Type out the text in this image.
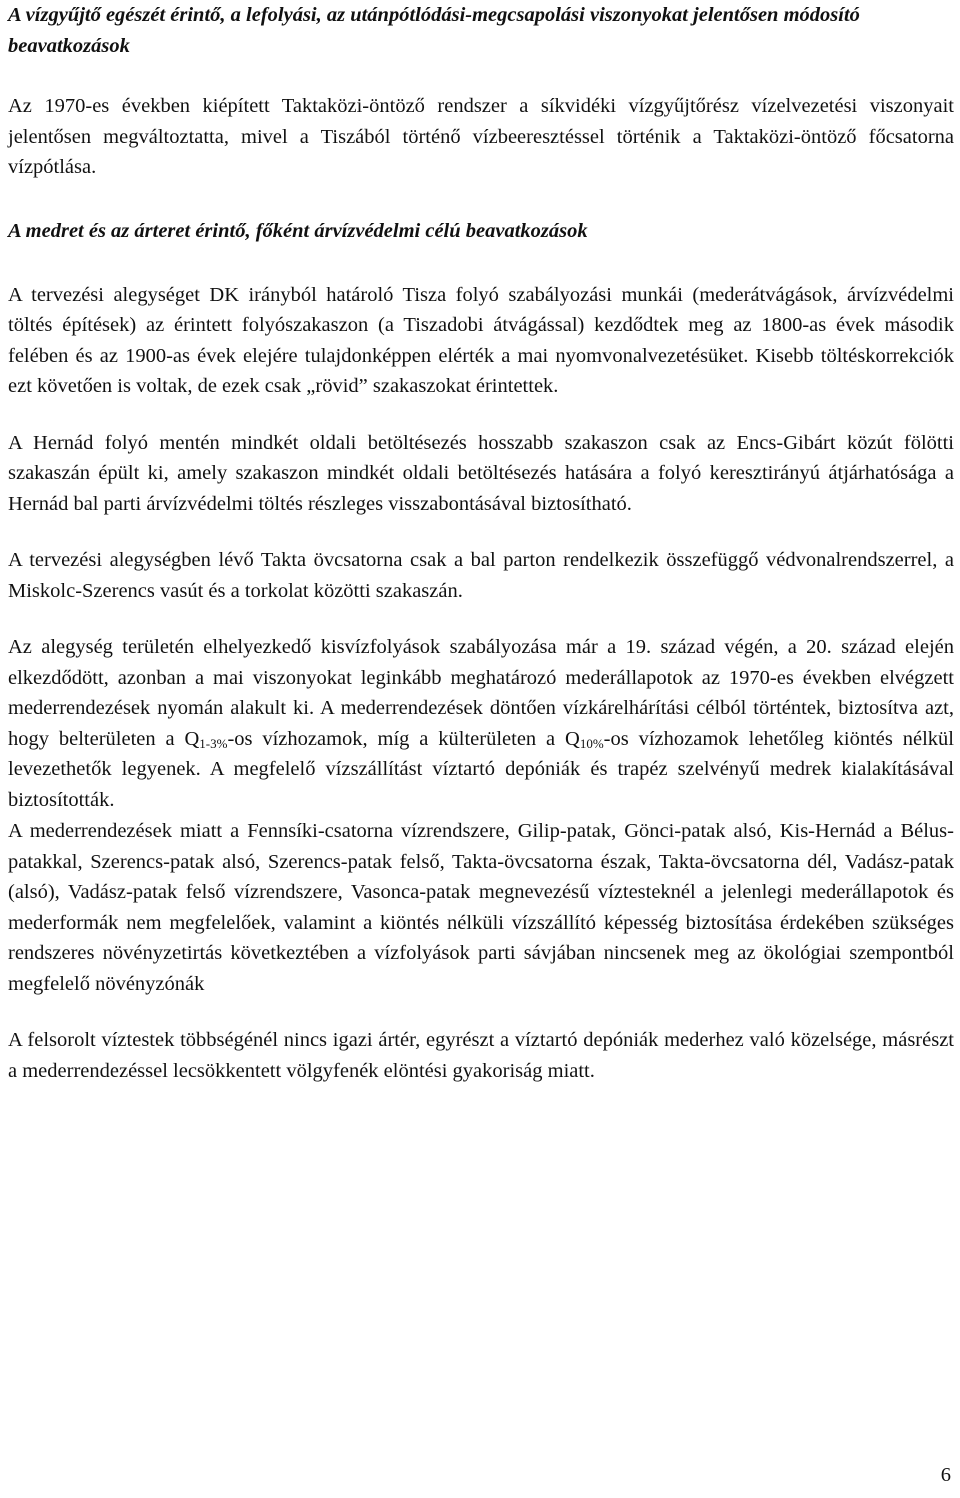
A vízgyűjtő egészét érintő, a lefolyási, az utánpótlódási-megcsapolási viszonyokat jelentősen módosító beavatkozások

Az 1970-es években kiépített Taktaközi-öntöző rendszer a síkvidéki vízgyűjtőrész vízelvezetési viszonyait jelentősen megváltoztatta, mivel a Tiszából történő vízbeeresztéssel történik a Taktaközi-öntöző főcsatorna vízpótlása.

A medret és az árteret érintő, főként árvízvédelmi célú beavatkozások

A tervezési alegységet DK irányból határoló Tisza folyó szabályozási munkái (mederátvágások, árvízvédelmi töltés építések) az érintett folyószakaszon (a Tiszadobi átvágással) kezdődtek meg az 1800-as évek második felében és az 1900-as évek elejére tulajdonképpen elérték a mai nyomvonalvezetésüket. Kisebb töltéskorrekciók ezt követően is voltak, de ezek csak „rövid” szakaszokat érintettek.

A Hernád folyó mentén mindkét oldali betöltésezés hosszabb szakaszon csak az Encs-Gibárt közút fölötti szakaszán épült ki, amely szakaszon mindkét oldali betöltésezés hatására a folyó keresztirányú átjárhatósága a Hernád bal parti árvízvédelmi töltés részleges visszabontásával biztosítható.

A tervezési alegységben lévő Takta övcsatorna csak a bal parton rendelkezik összefüggő védvonalrendszerrel, a Miskolc-Szerencs vasút és a torkolat közötti szakaszán.

Az alegység területén elhelyezkedő kisvízfolyások szabályozása már a 19. század végén, a 20. század elején elkezdődött, azonban a mai viszonyokat leginkább meghatározó mederállapotok az 1970-es években elvégzett mederrendezések nyomán alakult ki. A mederrendezések döntően vízkárelhárítási célból történtek, biztosítva azt, hogy belterületen a $Q_{1-3\%}-os$ vízhozamok, míg a külterületen a $Q_{10\%}-os$ vízhozamok lehetőleg kiöntés nélkül levezethetők legyenek. A megfelelő vízszállítást víztartó depóniák és trapéz szelvényű medrek kialakításával biztosították.

A mederrendezések miatt a Fennsíki-csatorna vízrendszere, Gilip-patak, Gönci-patak alsó, Kis-Hernád a Bélus-patakkal, Szerencs-patak alsó, Szerencs-patak felső, Takta-övcsatorna észak, Takta-övcsatorna dél, Vadász-patak (alsó), Vadász-patak felső vízrendszere, Vasonca-patak megnevezésű víztesteknél a jelenlegi mederállapotok és mederformák nem megfelelőek, valamint a kiöntés nélküli vízszállító képesség biztosítása érdekében szükséges rendszeres növényzetirtás következtében a vízfolyások parti sávjában nincsenek meg az ökológiai szempontból megfelelő növényzónák

A felsorolt víztestek többségénél nincs igazi ártér, egyrészt a víztartó depóniák mederhez való közelsége, másrészt a mederrendezéssel lecsökkentett völgyfenék elöntési gyakoriság miatt.

6
